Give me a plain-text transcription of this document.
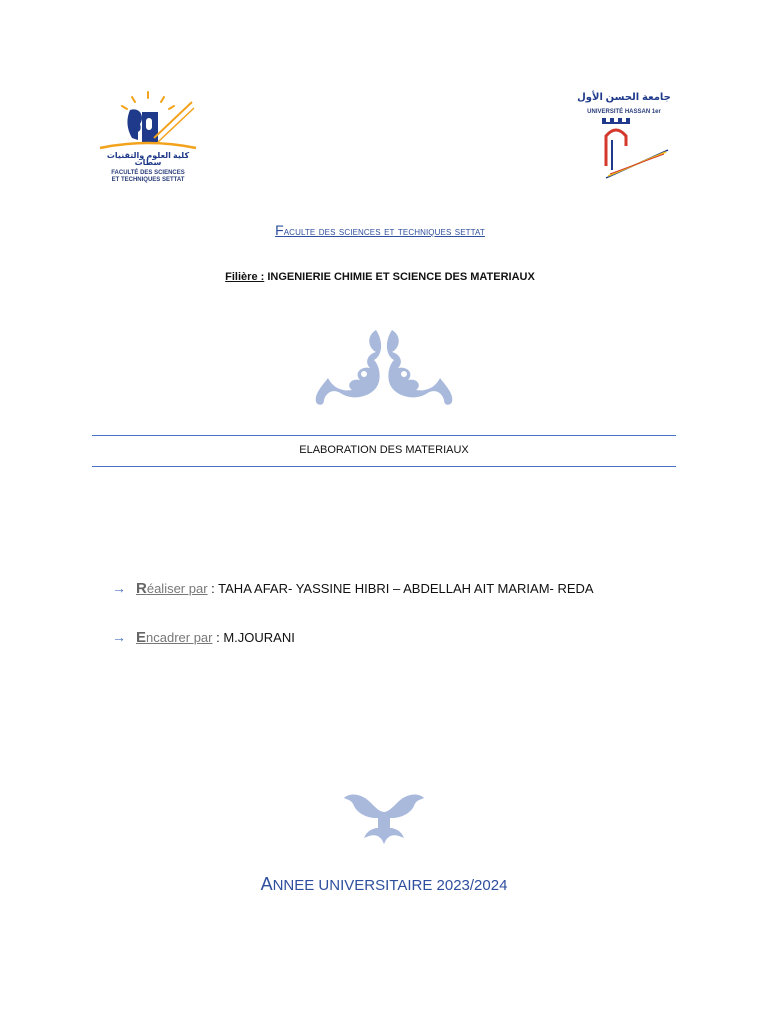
كلية العلوم والتقنيات سطات
FACULTÉ DES SCIENCES
ET TECHNIQUES SETTAT
جامعة الحسن الأول
UNIVERSITÉ HASSAN 1er
Faculte des sciences et techniques settat
Filière : INGENIERIE CHIMIE ET SCIENCE DES MATERIAUX
ELABORATION DES MATERIAUX
→ Réaliser par : TAHA AFAR- YASSINE HIBRI – ABDELLAH AIT MARIAM- REDA
→ Encadrer par : M.JOURANI
ANNEE UNIVERSITAIRE 2023/2024
